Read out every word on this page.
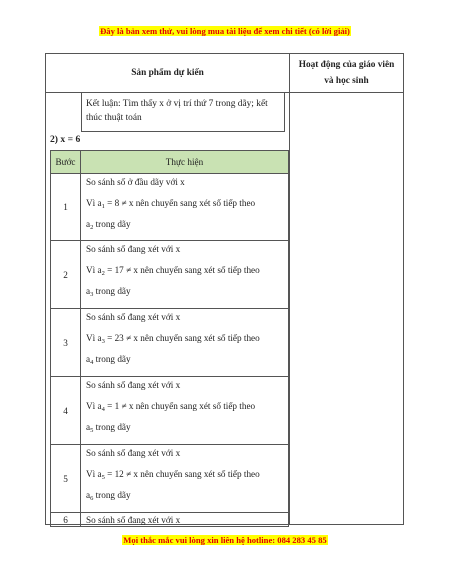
Đây là bản xem thử, vui lòng mua tài liệu để xem chi tiết (có lời giải)
Sản phẩm dự kiến
Hoạt động của giáo viên
và học sinh
Kết luận: Tìm thấy x ở vị trí thứ 7 trong dãy; kết thúc thuật toán
2) x = 6
Bước	Thực hiện
1	So sánh số ở đầu dãy với x

Vì $a_1 = 8 \ne x$ nên chuyển sang xét số tiếp theo

$a_2$ trong dãy

2	So sánh số đang xét với x

Vì $a_2 = 17 \ne x$ nên chuyển sang xét số tiếp theo

$a_3$ trong dãy

3	So sánh số đang xét với x

Vì $a_3 = 23 \ne x$ nên chuyển sang xét số tiếp theo

$a_4$ trong dãy

4	So sánh số đang xét với x

Vì $a_4 = 1 \ne x$ nên chuyển sang xét số tiếp theo

$a_5$ trong dãy

5	So sánh số đang xét với x

Vì $a_5 = 12 \ne x$ nên chuyển sang xét số tiếp theo

$a_6$ trong dãy

6	So sánh số đang xét với x

Mọi thắc mắc vui lòng xin liên hệ hotline: 084 283 45 85
